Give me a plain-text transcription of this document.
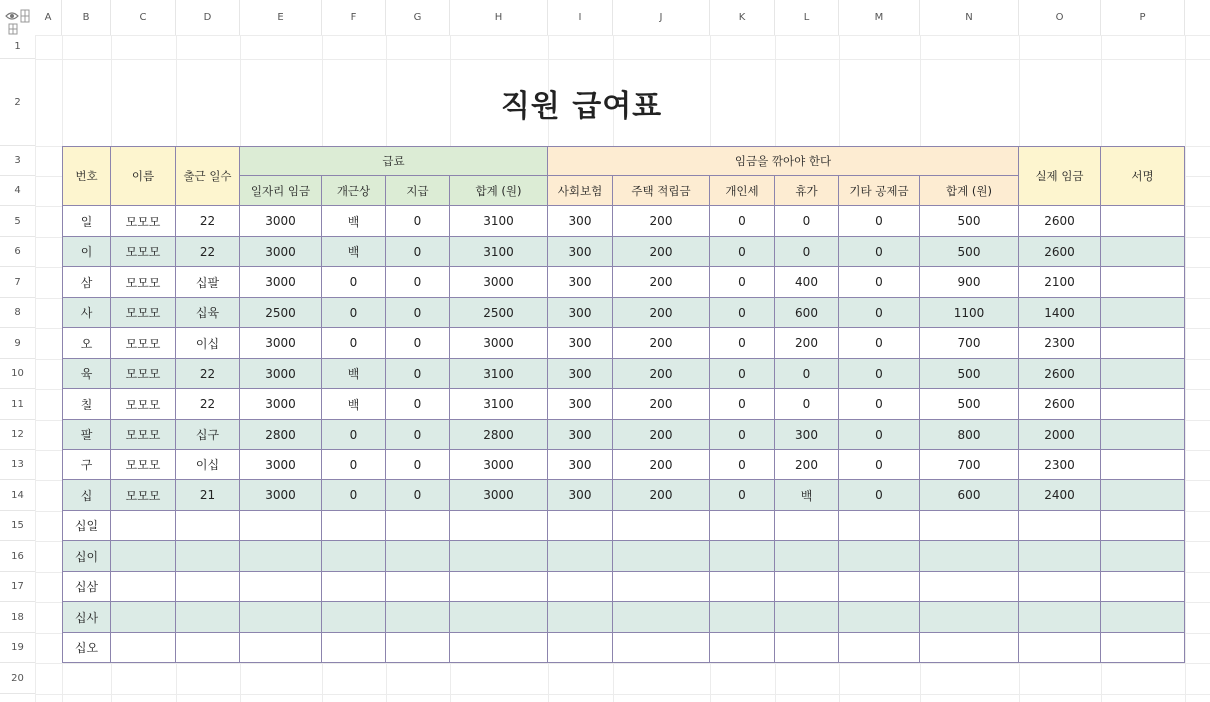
A	B	C	D	E	F	G	H	I	J	K	L	M	N	O	P
1
2
3
4
5
6
7
8
9
10
11
12
13
14
15
16
17
18
19
20
직원 급여표
번호	이름	출근 일수
급료	임금을 깎아야 한다
실제 임금	서명
일자리 임금	개근상	지급	합계 (원)	사회보험	주택 적립금	개인세	휴가	기타 공제금	합계 (원)
일	모모모	22	3000	백	0	3100	300	200	0	0	0	500	2600
이	모모모	22	3000	백	0	3100	300	200	0	0	0	500	2600
삼	모모모	십팔	3000	0	0	3000	300	200	0	400	0	900	2100
사	모모모	십육	2500	0	0	2500	300	200	0	600	0	1100	1400
오	모모모	이십	3000	0	0	3000	300	200	0	200	0	700	2300
육	모모모	22	3000	백	0	3100	300	200	0	0	0	500	2600
칠	모모모	22	3000	백	0	3100	300	200	0	0	0	500	2600
팔	모모모	십구	2800	0	0	2800	300	200	0	300	0	800	2000
구	모모모	이십	3000	0	0	3000	300	200	0	200	0	700	2300
십	모모모	21	3000	0	0	3000	300	200	0	백	0	600	2400
십일
십이
십삼
십사
십오
